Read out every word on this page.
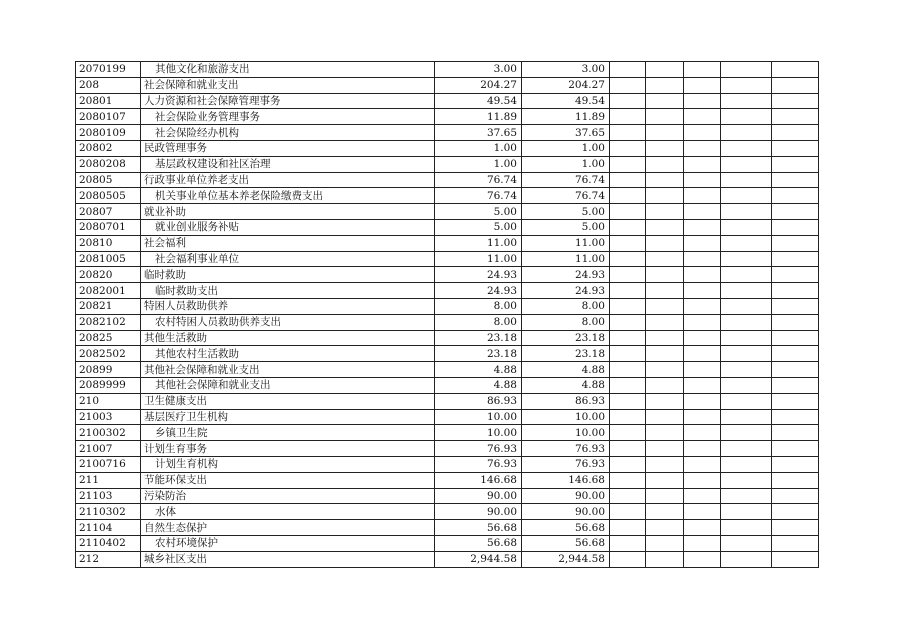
2070199	其他文化和旅游支出	3.00	3.00					
208	社会保障和就业支出	204.27	204.27					
20801	人力资源和社会保障管理事务	49.54	49.54					
2080107	社会保险业务管理事务	11.89	11.89					
2080109	社会保险经办机构	37.65	37.65					
20802	民政管理事务	1.00	1.00					
2080208	基层政权建设和社区治理	1.00	1.00					
20805	行政事业单位养老支出	76.74	76.74					
2080505	机关事业单位基本养老保险缴费支出	76.74	76.74					
20807	就业补助	5.00	5.00					
2080701	就业创业服务补贴	5.00	5.00					
20810	社会福利	11.00	11.00					
2081005	社会福利事业单位	11.00	11.00					
20820	临时救助	24.93	24.93					
2082001	临时救助支出	24.93	24.93					
20821	特困人员救助供养	8.00	8.00					
2082102	农村特困人员救助供养支出	8.00	8.00					
20825	其他生活救助	23.18	23.18					
2082502	其他农村生活救助	23.18	23.18					
20899	其他社会保障和就业支出	4.88	4.88					
2089999	其他社会保障和就业支出	4.88	4.88					
210	卫生健康支出	86.93	86.93					
21003	基层医疗卫生机构	10.00	10.00					
2100302	乡镇卫生院	10.00	10.00					
21007	计划生育事务	76.93	76.93					
2100716	计划生育机构	76.93	76.93					
211	节能环保支出	146.68	146.68					
21103	污染防治	90.00	90.00					
2110302	水体	90.00	90.00					
21104	自然生态保护	56.68	56.68					
2110402	农村环境保护	56.68	56.68					
212	城乡社区支出	2,944.58	2,944.58					
